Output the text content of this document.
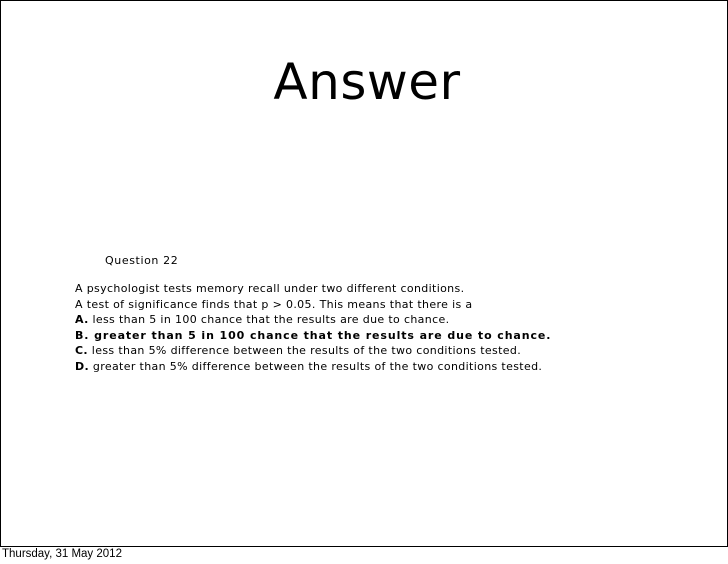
Answer
Question 22
A psychologist tests memory recall under two different conditions.
A test of significance finds that p > 0.05. This means that there is a
A. less than 5 in 100 chance that the results are due to chance.
B. greater than 5 in 100 chance that the results are due to chance.
C. less than 5% difference between the results of the two conditions tested.
D. greater than 5% difference between the results of the two conditions tested.
Thursday, 31 May 2012
